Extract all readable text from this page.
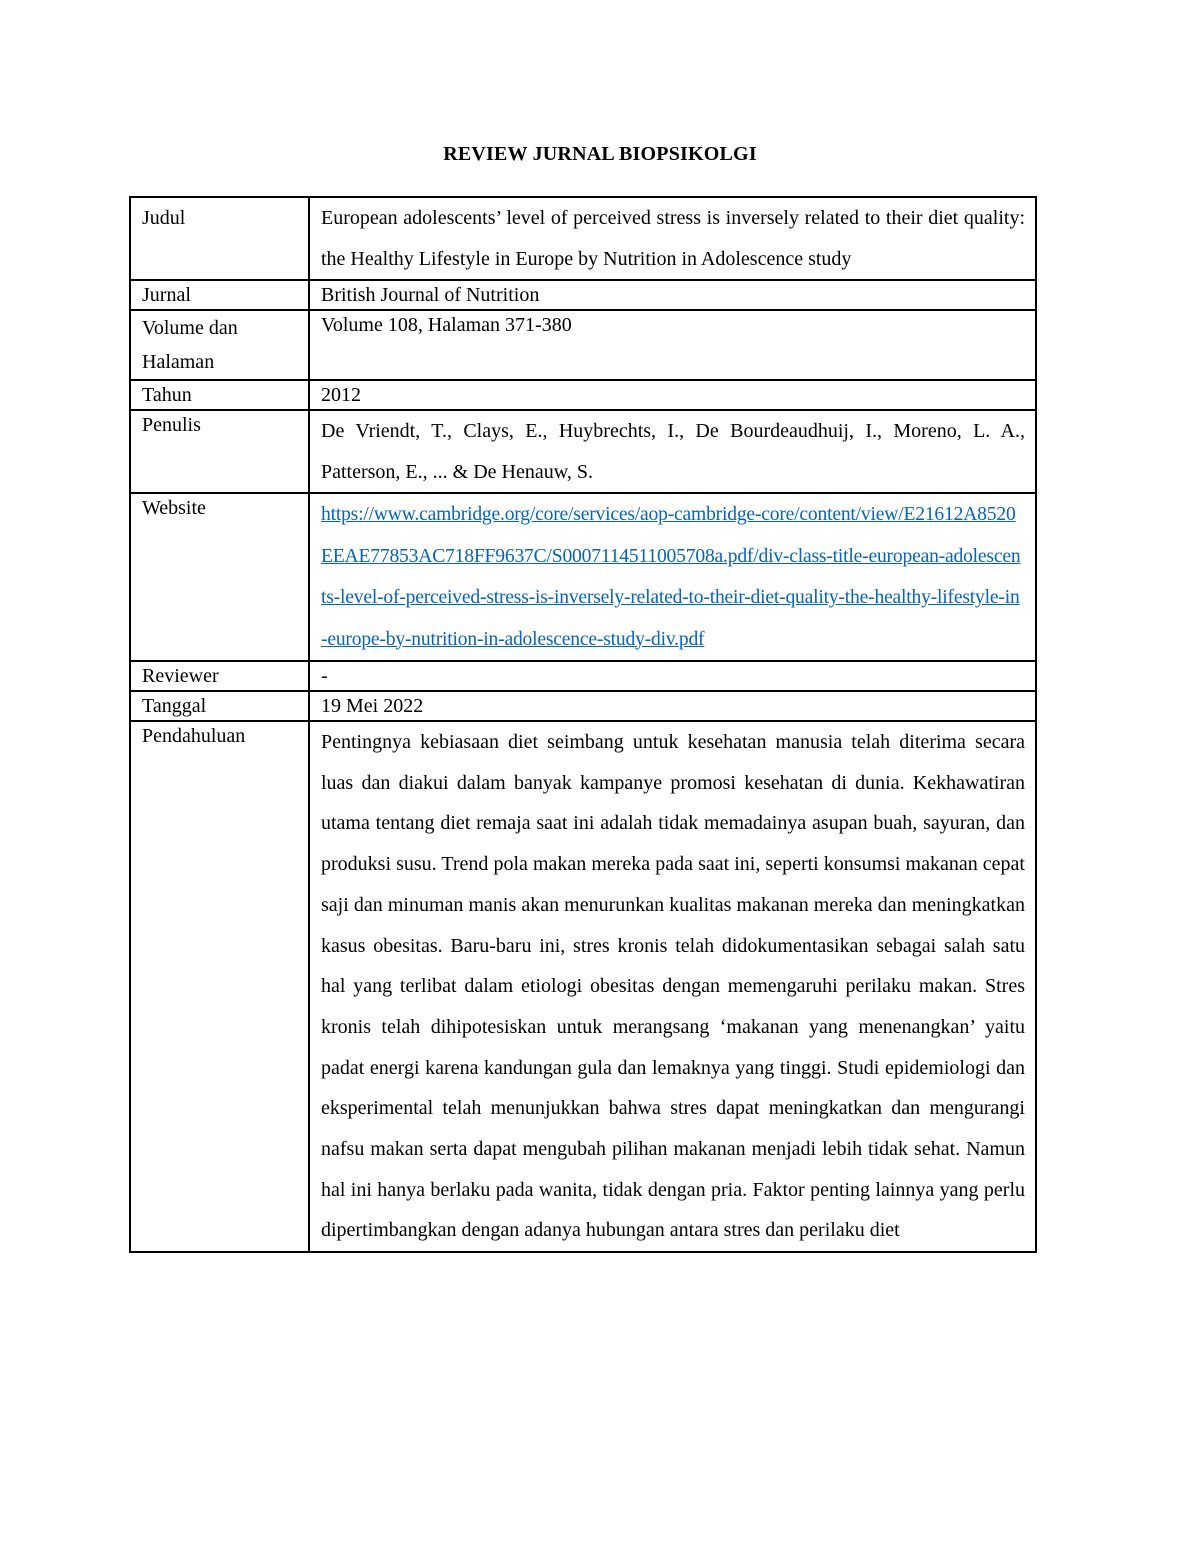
REVIEW JURNAL BIOPSIKOLGI
Judul	European adolescents’ level of perceived stress is inversely related to their diet quality: the Healthy Lifestyle in Europe by Nutrition in Adolescence study
Jurnal	British Journal of Nutrition
Volume dan Halaman	Volume 108, Halaman 371-380
Tahun	2012
Penulis	De Vriendt, T., Clays, E., Huybrechts, I., De Bourdeaudhuij, I., Moreno, L. A., Patterson, E., ... & De Henauw, S.
Website	https://www.cambridge.org/core/services/aop-cambridge-core/content/view/E21612A8520EEAE77853AC718FF9637C/S0007114511005708a.pdf/div-class-title-european-adolescents-level-of-perceived-stress-is-inversely-related-to-their-diet-quality-the-healthy-lifestyle-in-europe-by-nutrition-in-adolescence-study-div.pdf
Reviewer	-
Tanggal	19 Mei 2022
Pendahuluan	Pentingnya kebiasaan diet seimbang untuk kesehatan manusia telah diterima secara luas dan diakui dalam banyak kampanye promosi kesehatan di dunia. Kekhawatiran utama tentang diet remaja saat ini adalah tidak memadainya asupan buah, sayuran, dan produksi susu. Trend pola makan mereka pada saat ini, seperti konsumsi makanan cepat saji dan minuman manis akan menurunkan kualitas makanan mereka dan meningkatkan kasus obesitas. Baru-baru ini, stres kronis telah didokumentasikan sebagai salah satu hal yang terlibat dalam etiologi obesitas dengan memengaruhi perilaku makan. Stres kronis telah dihipotesiskan untuk merangsang ‘makanan yang menenangkan’ yaitu padat energi karena kandungan gula dan lemaknya yang tinggi. Studi epidemiologi dan eksperimental telah menunjukkan bahwa stres dapat meningkatkan dan mengurangi nafsu makan serta dapat mengubah pilihan makanan menjadi lebih tidak sehat. Namun hal ini hanya berlaku pada wanita, tidak dengan pria. Faktor penting lainnya yang perlu dipertimbangkan dengan adanya hubungan antara stres dan perilaku diet
